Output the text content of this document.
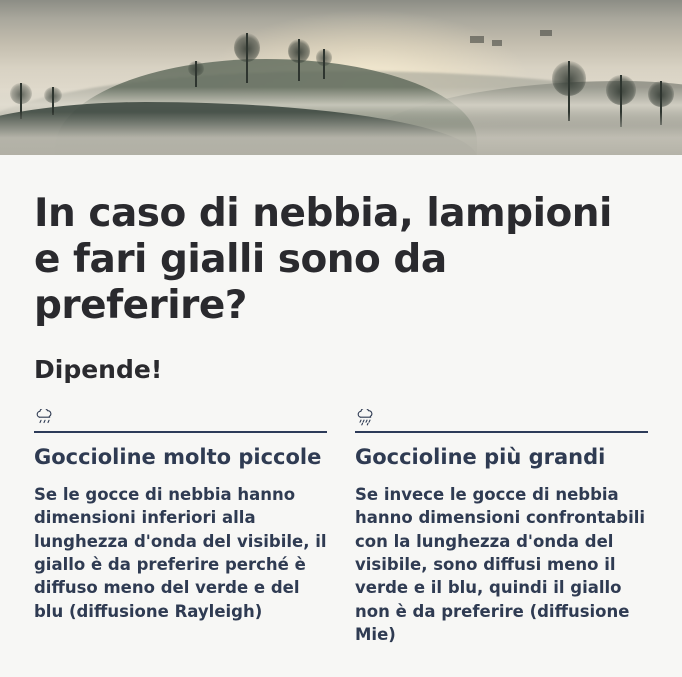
In caso di nebbia, lampioni e fari gialli sono da preferire?
Dipende!
Goccioline molto piccole

Se le gocce di nebbia hanno dimensioni inferiori alla lunghezza d'onda del visibile, il giallo è da preferire perché è diffuso meno del verde e del blu (diffusione Rayleigh)

Goccioline più grandi

Se invece le gocce di nebbia hanno dimensioni confrontabili con la lunghezza d'onda del visibile, sono diffusi meno il verde e il blu, quindi il giallo non è da preferire (diffusione Mie)
